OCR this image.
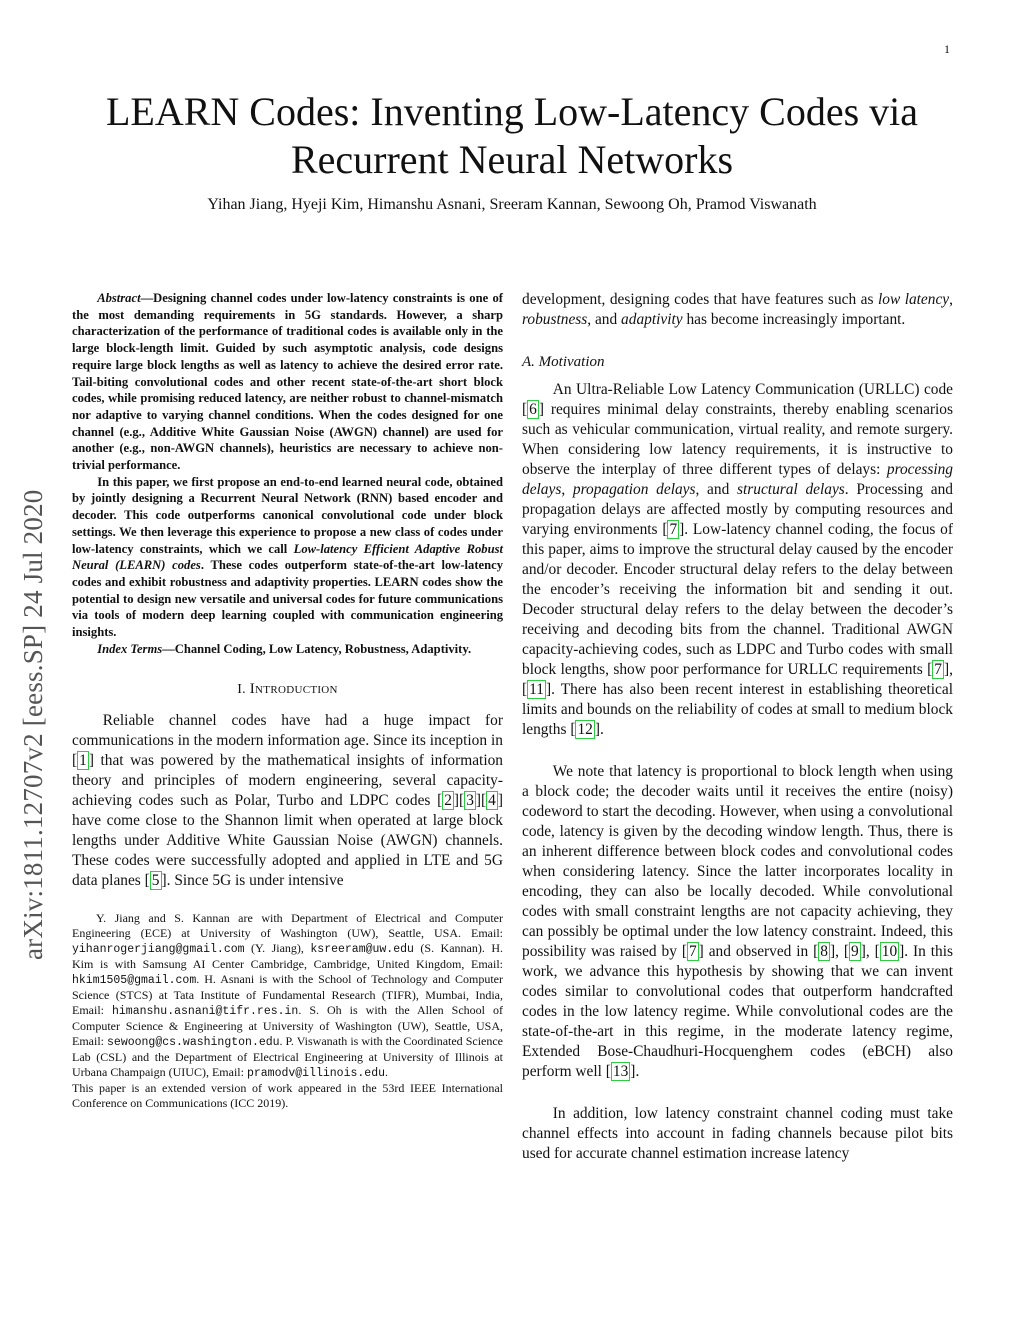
1
LEARN Codes: Inventing Low-Latency Codes via Recurrent Neural Networks
Yihan Jiang, Hyeji Kim, Himanshu Asnani, Sreeram Kannan, Sewoong Oh, Pramod Viswanath
arXiv:1811.12707v2 [eess.SP] 24 Jul 2020

Abstract—Designing channel codes under low-latency constraints is one of the most demanding requirements in 5G standards. However, a sharp characterization of the performance of traditional codes is available only in the large block-length limit. Guided by such asymptotic analysis, code designs require large block lengths as well as latency to achieve the desired error rate. Tail-biting convolutional codes and other recent state-of-the-art short block codes, while promising reduced latency, are neither robust to channel-mismatch nor adaptive to varying channel conditions. When the codes designed for one channel (e.g., Additive White Gaussian Noise (AWGN) channel) are used for another (e.g., non-AWGN channels), heuristics are necessary to achieve non-trivial performance.

In this paper, we first propose an end-to-end learned neural code, obtained by jointly designing a Recurrent Neural Network (RNN) based encoder and decoder. This code outperforms canonical convolutional code under block settings. We then leverage this experience to propose a new class of codes under low-latency constraints, which we call Low-latency Efficient Adaptive Robust Neural (LEARN) codes. These codes outperform state-of-the-art low-latency codes and exhibit robustness and adaptivity properties. LEARN codes show the potential to design new versatile and universal codes for future communications via tools of modern deep learning coupled with communication engineering insights.

Index Terms—Channel Coding, Low Latency, Robustness, Adaptivity.

I. Introduction

Reliable channel codes have had a huge impact for communications in the modern information age. Since its inception in [ 1 ] that was powered by the mathematical insights of information theory and principles of modern engineering, several capacity-achieving codes such as Polar, Turbo and LDPC codes [ 2 ][ 3 ][ 4 ] have come close to the Shannon limit when operated at large block lengths under Additive White Gaussian Noise (AWGN) channels. These codes were successfully adopted and applied in LTE and 5G data planes [ 5 ]. Since 5G is under intensive

Y. Jiang and S. Kannan are with Department of Electrical and Computer Engineering (ECE) at University of Washington (UW), Seattle, USA. Email: yihanrogerjiang@gmail.com (Y. Jiang), ksreeram@uw.edu (S. Kannan). H. Kim is with Samsung AI Center Cambridge, Cambridge, United Kingdom, Email: hkim1505@gmail.com. H. Asnani is with the School of Technology and Computer Science (STCS) at Tata Institute of Fundamental Research (TIFR), Mumbai, India, Email: himanshu.asnani@tifr.res.in. S. Oh is with the Allen School of Computer Science & Engineering at University of Washington (UW), Seattle, USA, Email: sewoong@cs.washington.edu. P. Viswanath is with the Coordinated Science Lab (CSL) and the Department of Electrical Engineering at University of Illinois at Urbana Champaign (UIUC), Email: pramodv@illinois.edu.

This paper is an extended version of work appeared in the 53rd IEEE International Conference on Communications (ICC 2019).

development, designing codes that have features such as low latency, robustness, and adaptivity has become increasingly important.

A. Motivation

An Ultra-Reliable Low Latency Communication (URLLC) code [ 6 ] requires minimal delay constraints, thereby enabling scenarios such as vehicular communication, virtual reality, and remote surgery. When considering low latency requirements, it is instructive to observe the interplay of three different types of delays: processing delays, propagation delays, and structural delays. Processing and propagation delays are affected mostly by computing resources and varying environments [ 7 ]. Low-latency channel coding, the focus of this paper, aims to improve the structural delay caused by the encoder and/or decoder. Encoder structural delay refers to the delay between the encoder’s receiving the information bit and sending it out. Decoder structural delay refers to the delay between the decoder’s receiving and decoding bits from the channel. Traditional AWGN capacity-achieving codes, such as LDPC and Turbo codes with small block lengths, show poor performance for URLLC requirements [ 7 ], [ 11 ]. There has also been recent interest in establishing theoretical limits and bounds on the reliability of codes at small to medium block lengths [ 12 ].

We note that latency is proportional to block length when using a block code; the decoder waits until it receives the entire (noisy) codeword to start the decoding. However, when using a convolutional code, latency is given by the decoding window length. Thus, there is an inherent difference between block codes and convolutional codes when considering latency. Since the latter incorporates locality in encoding, they can also be locally decoded. While convolutional codes with small constraint lengths are not capacity achieving, they can possibly be optimal under the low latency constraint. Indeed, this possibility was raised by [ 7 ] and observed in [ 8 ], [ 9 ], [ 10 ]. In this work, we advance this hypothesis by showing that we can invent codes similar to convolutional codes that outperform handcrafted codes in the low latency regime. While convolutional codes are the state-of-the-art in this regime, in the moderate latency regime, Extended Bose-Chaudhuri-Hocquenghem codes (eBCH) also perform well [ 13 ].

In addition, low latency constraint channel coding must take channel effects into account in fading channels because pilot bits used for accurate channel estimation increase latency
